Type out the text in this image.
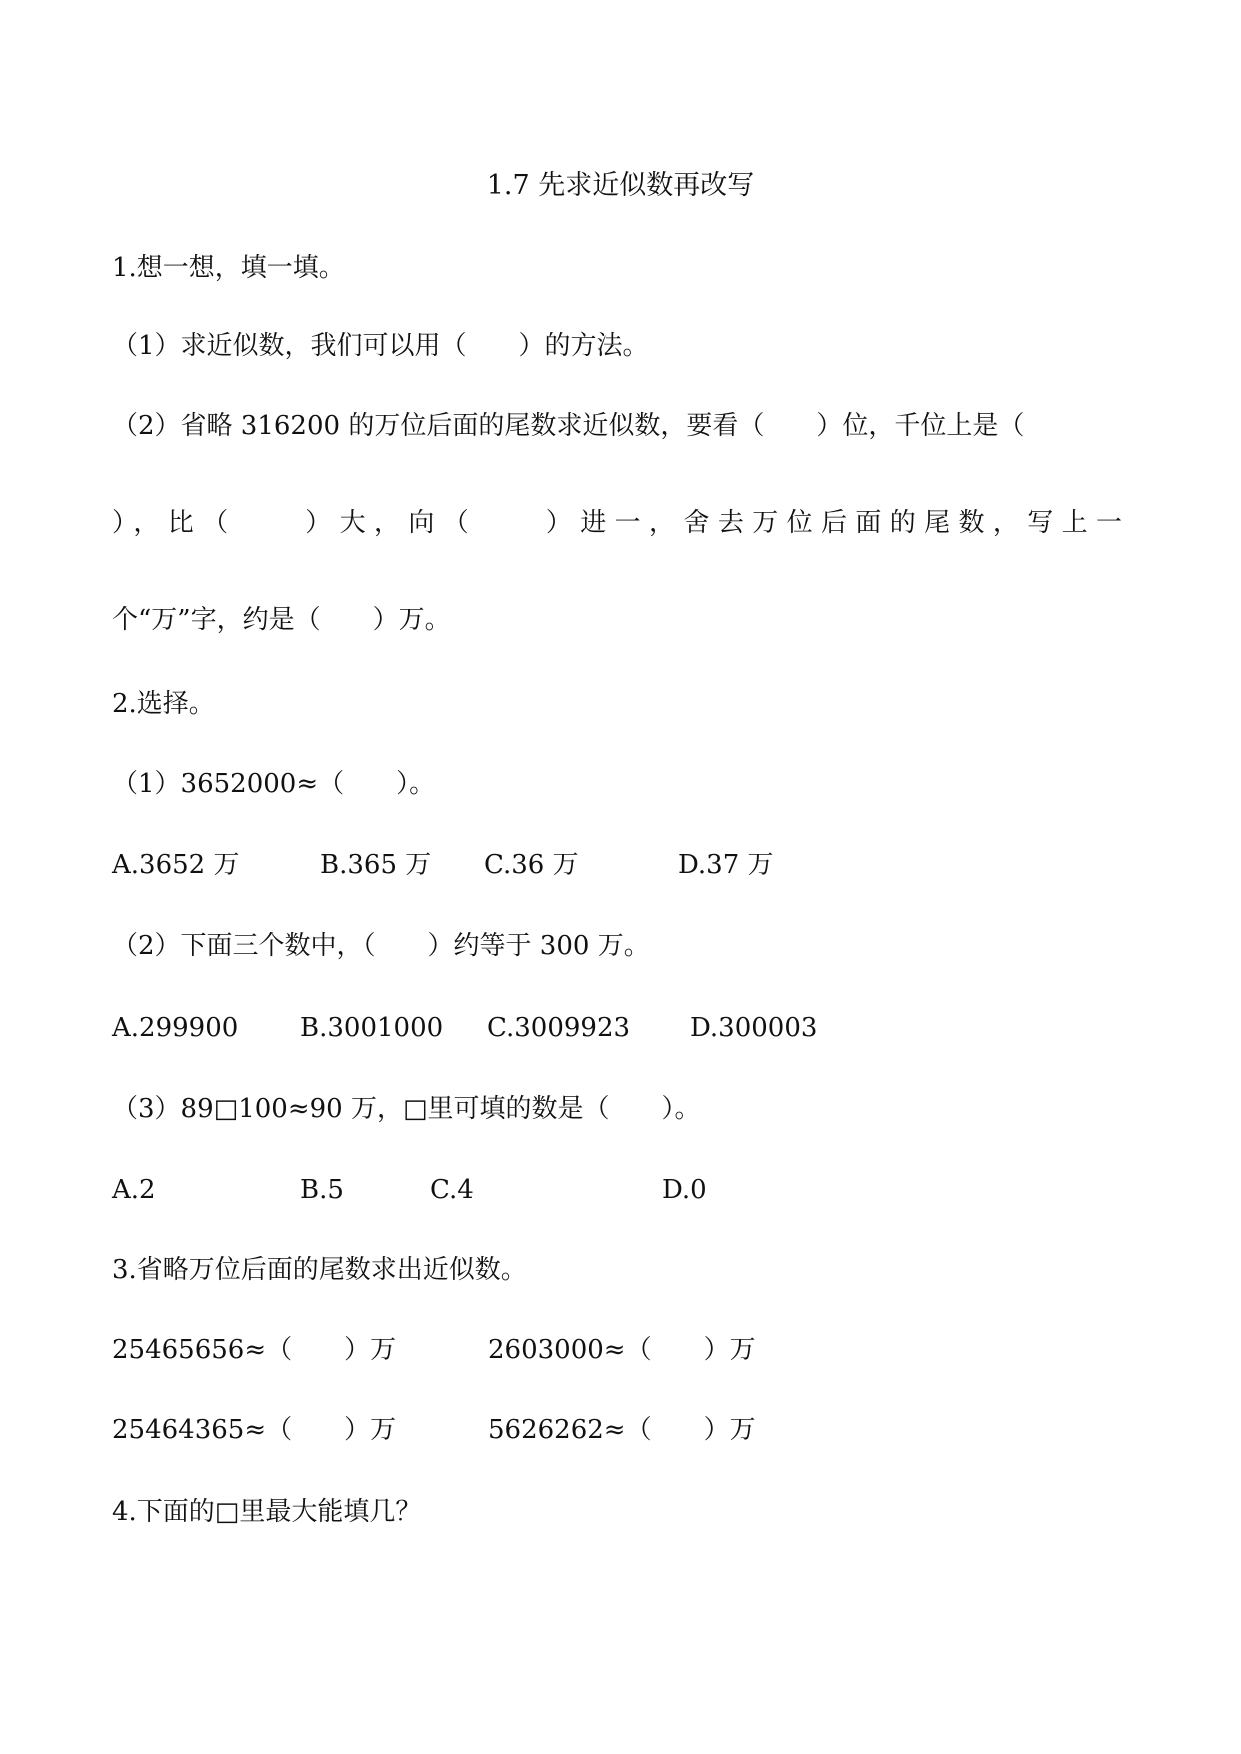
1.7 先求近似数再改写
1.想一想，填一填。
（1）求近似数，我们可以用（　　）的方法。
（2）省略 316200 的万位后面的尾数求近似数，要看（　　）位，千位上是（
），比（　　）大，向（　　）进一，舍去万位后面的尾数，写上一
个“万”字，约是（　　）万。
2.选择。
（1）3652000≈（　　）。
A.3652 万	B.365 万 C.36 万	D.37 万
（2）下面三个数中，（　　）约等于 300 万。
A.299900 B.3001000 C.3009923 D.300003
（3）89□100≈90 万，□里可填的数是（　　）。
A.2	B.5	C.4	D.0
3.省略万位后面的尾数求出近似数。
25465656≈（　　）万	2603000≈（　　）万
25464365≈（　　）万	5626262≈（　　）万
4.下面的□里最大能填几？
